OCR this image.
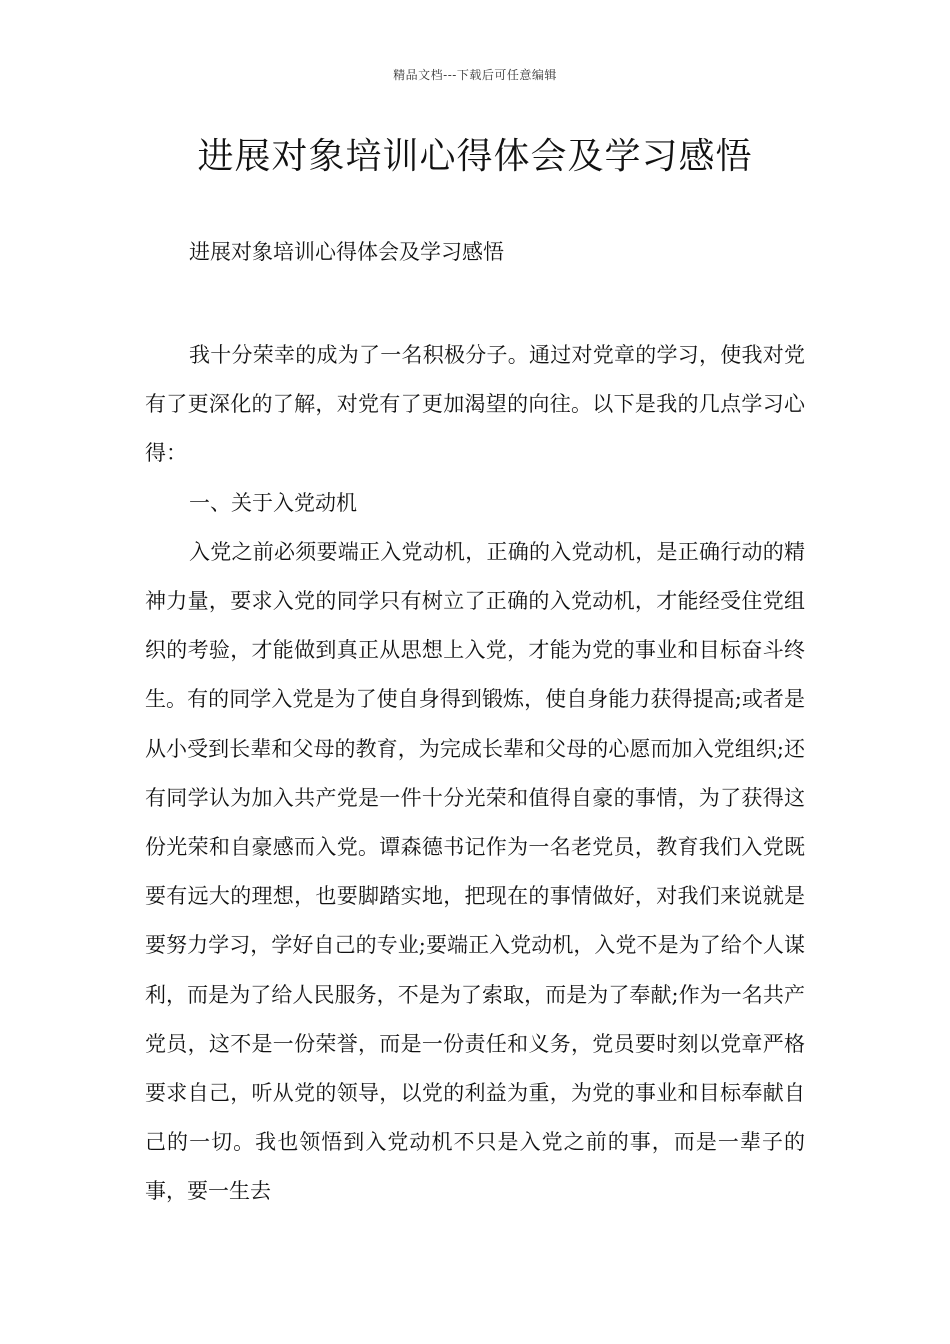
精品文档---下载后可任意编辑
进展对象培训心得体会及学习感悟
进展对象培训心得体会及学习感悟

我十分荣幸的成为了一名积极分子。通过对党章的学习，使我对党有了更深化的了解，对党有了更加渴望的向往。以下是我的几点学习心得：

一、关于入党动机

入党之前必须要端正入党动机，正确的入党动机，是正确行动的精神力量，要求入党的同学只有树立了正确的入党动机，才能经受住党组织的考验，才能做到真正从思想上入党，才能为党的事业和目标奋斗终生。有的同学入党是为了使自身得到锻炼，使自身能力获得提高;或者是从小受到长辈和父母的教育，为完成长辈和父母的心愿而加入党组织;还有同学认为加入共产党是一件十分光荣和值得自豪的事情，为了获得这份光荣和自豪感而入党。谭森德书记作为一名老党员，教育我们入党既要有远大的理想，也要脚踏实地，把现在的事情做好，对我们来说就是要努力学习，学好自己的专业;要端正入党动机，入党不是为了给个人谋利，而是为了给人民服务，不是为了索取，而是为了奉献;作为一名共产党员，这不是一份荣誉，而是一份责任和义务，党员要时刻以党章严格要求自己，听从党的领导，以党的利益为重，为党的事业和目标奉献自己的一切。我也领悟到入党动机不只是入党之前的事，而是一辈子的事，要一生去
